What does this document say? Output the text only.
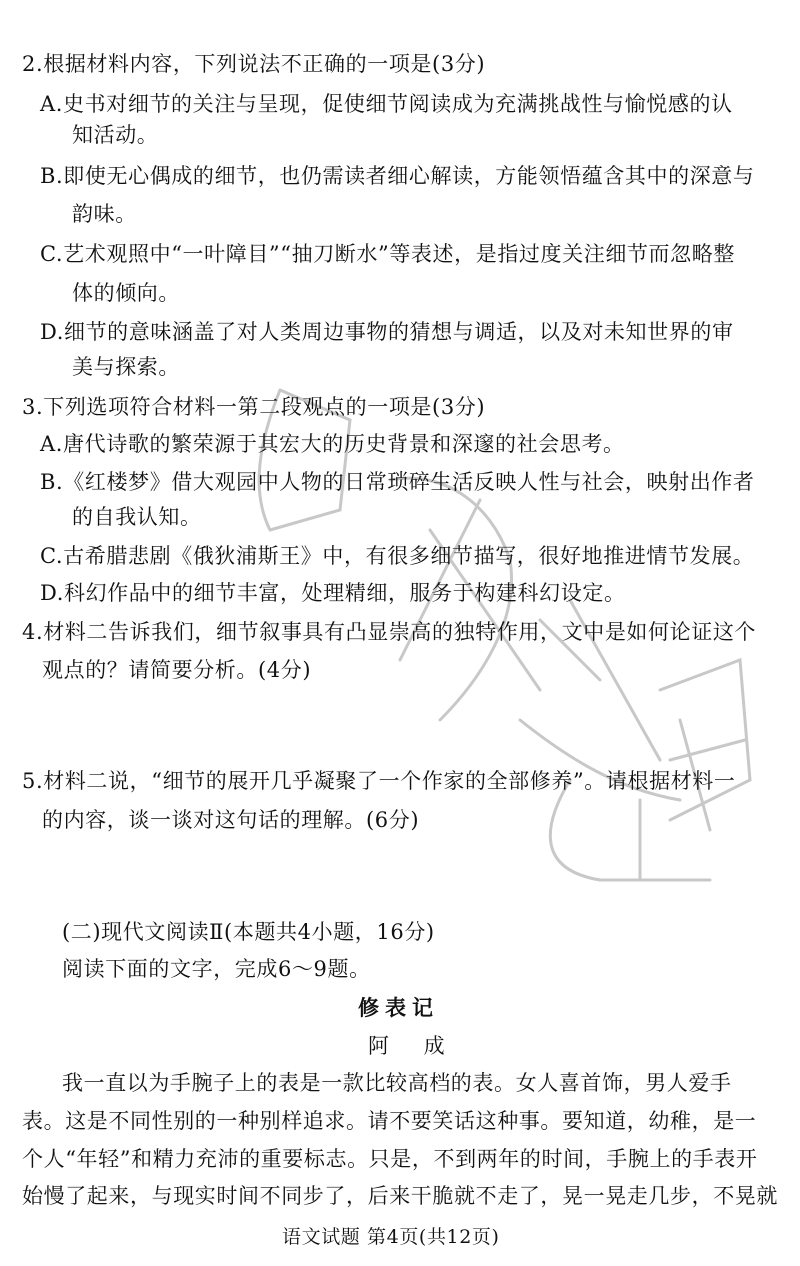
2.根据材料内容，下列说法不正确的一项是(3分)
A.史书对细节的关注与呈现，促使细节阅读成为充满挑战性与愉悦感的认
知活动。
B.即使无心偶成的细节，也仍需读者细心解读，方能领悟蕴含其中的深意与
韵味。
C.艺术观照中“一叶障目”“抽刀断水”等表述，是指过度关注细节而忽略整
体的倾向。
D.细节的意味涵盖了对人类周边事物的猜想与调适，以及对未知世界的审
美与探索。
3.下列选项符合材料一第二段观点的一项是(3分)
A.唐代诗歌的繁荣源于其宏大的历史背景和深邃的社会思考。
B.《红楼梦》借大观园中人物的日常琐碎生活反映人性与社会，映射出作者
的自我认知。
C.古希腊悲剧《俄狄浦斯王》中，有很多细节描写，很好地推进情节发展。
D.科幻作品中的细节丰富，处理精细，服务于构建科幻设定。
4.材料二告诉我们，细节叙事具有凸显崇高的独特作用，文中是如何论证这个
观点的？请简要分析。(4分)
5.材料二说，“细节的展开几乎凝聚了一个作家的全部修养”。请根据材料一
的内容，谈一谈对这句话的理解。(6分)
(二)现代文阅读Ⅱ(本题共4小题，16分)
阅读下面的文字，完成6～9题。
修表记
阿 成
我一直以为手腕子上的表是一款比较高档的表。女人喜首饰，男人爱手
表。这是不同性别的一种别样追求。请不要笑话这种事。要知道，幼稚，是一
个人“年轻”和精力充沛的重要标志。只是，不到两年的时间，手腕上的手表开
始慢了起来，与现实时间不同步了，后来干脆就不走了，晃一晃走几步，不晃就
语文试题 第4页(共12页)
